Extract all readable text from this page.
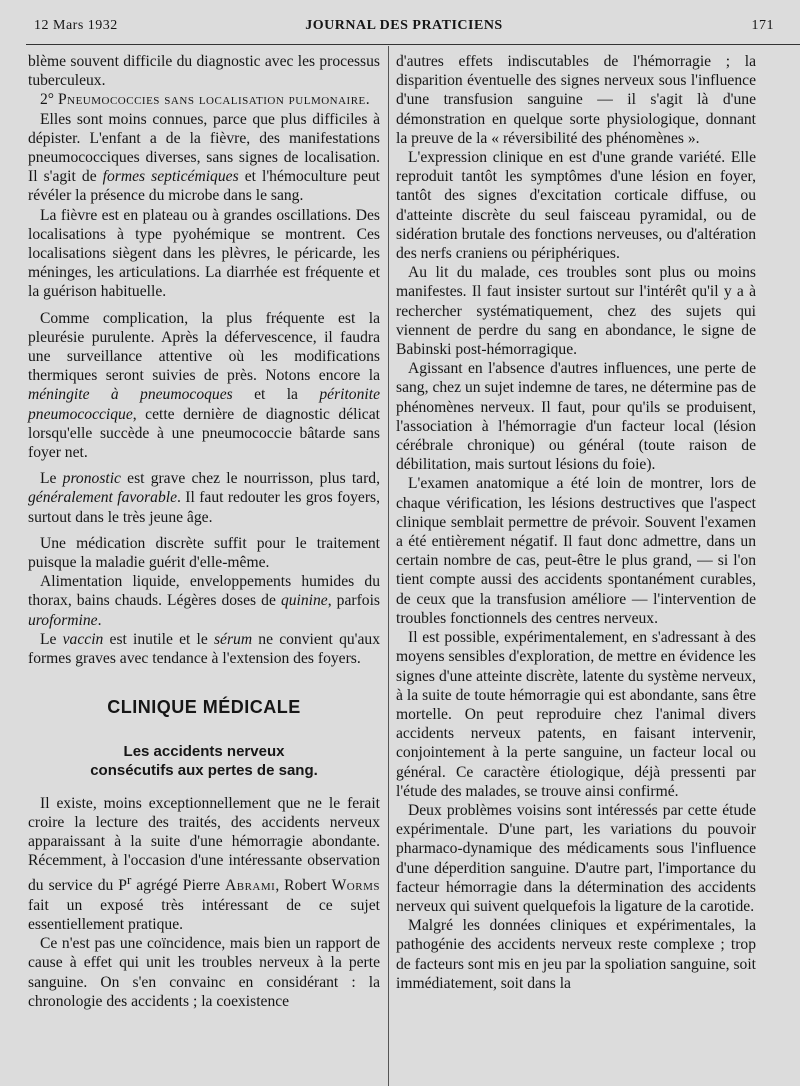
12 Mars 1932	JOURNAL DES PRATICIENS	171

blème souvent difficile du diagnostic avec les processus tuberculeux.

2° Pneumococcies sans localisation pulmonaire.

Elles sont moins connues, parce que plus difficiles à dépister. L'enfant a de la fièvre, des manifestations pneumococciques diverses, sans signes de localisation. Il s'agit de formes septicémiques et l'hémoculture peut révéler la présence du microbe dans le sang.

La fièvre est en plateau ou à grandes oscillations. Des localisations à type pyohémique se montrent. Ces localisations siègent dans les plèvres, le péricarde, les méninges, les articulations. La diarrhée est fréquente et la guérison habituelle.

Comme complication, la plus fréquente est la pleurésie purulente. Après la défervescence, il faudra une surveillance attentive où les modifications thermiques seront suivies de près. Notons encore la méningite à pneumocoques et la péritonite pneumococcique, cette dernière de diagnostic délicat lorsqu'elle succède à une pneumococcie bâtarde sans foyer net.

Le pronostic est grave chez le nourrisson, plus tard, généralement favorable. Il faut redouter les gros foyers, surtout dans le très jeune âge.

Une médication discrète suffit pour le traitement puisque la maladie guérit d'elle-même.

Alimentation liquide, enveloppements humides du thorax, bains chauds. Légères doses de quinine, parfois uroformine.

Le vaccin est inutile et le sérum ne convient qu'aux formes graves avec tendance à l'extension des foyers.

CLINIQUE MÉDICALE
Les accidents nerveux
consécutifs aux pertes de sang.

Il existe, moins exceptionnellement que ne le ferait croire la lecture des traités, des accidents nerveux apparaissant à la suite d'une hémorragie abondante. Récemment, à l'occasion d'une intéressante observation du service du $P^r$ agrégé Pierre Abrami, Robert Worms fait un exposé très intéressant de ce sujet essentiellement pratique.

Ce n'est pas une coïncidence, mais bien un rapport de cause à effet qui unit les troubles nerveux à la perte sanguine. On s'en convainc en considérant : la chronologie des accidents ; la coexistence

d'autres effets indiscutables de l'hémorragie ; la disparition éventuelle des signes nerveux sous l'influence d'une transfusion sanguine — il s'agit là d'une démonstration en quelque sorte physiologique, donnant la preuve de la « réversibilité des phénomènes ».

L'expression clinique en est d'une grande variété. Elle reproduit tantôt les symptômes d'une lésion en foyer, tantôt des signes d'excitation corticale diffuse, ou d'atteinte discrète du seul faisceau pyramidal, ou de sidération brutale des fonctions nerveuses, ou d'altération des nerfs craniens ou périphériques.

Au lit du malade, ces troubles sont plus ou moins manifestes. Il faut insister surtout sur l'intérêt qu'il y a à rechercher systématiquement, chez des sujets qui viennent de perdre du sang en abondance, le signe de Babinski post-hémorragique.

Agissant en l'absence d'autres influences, une perte de sang, chez un sujet indemne de tares, ne détermine pas de phénomènes nerveux. Il faut, pour qu'ils se produisent, l'association à l'hémorragie d'un facteur local (lésion cérébrale chronique) ou général (toute raison de débilitation, mais surtout lésions du foie).

L'examen anatomique a été loin de montrer, lors de chaque vérification, les lésions destructives que l'aspect clinique semblait permettre de prévoir. Souvent l'examen a été entièrement négatif. Il faut donc admettre, dans un certain nombre de cas, peut-être le plus grand, — si l'on tient compte aussi des accidents spontanément curables, de ceux que la transfusion améliore — l'intervention de troubles fonctionnels des centres nerveux.

Il est possible, expérimentalement, en s'adressant à des moyens sensibles d'exploration, de mettre en évidence les signes d'une atteinte discrète, latente du système nerveux, à la suite de toute hémorragie qui est abondante, sans être mortelle. On peut reproduire chez l'animal divers accidents nerveux patents, en faisant intervenir, conjointement à la perte sanguine, un facteur local ou général. Ce caractère étiologique, déjà pressenti par l'étude des malades, se trouve ainsi confirmé.

Deux problèmes voisins sont intéressés par cette étude expérimentale. D'une part, les variations du pouvoir pharmaco-dynamique des médicaments sous l'influence d'une déperdition sanguine. D'autre part, l'importance du facteur hémorragie dans la détermination des accidents nerveux qui suivent quelquefois la ligature de la carotide.

Malgré les données cliniques et expérimentales, la pathogénie des accidents nerveux reste complexe ; trop de facteurs sont mis en jeu par la spoliation sanguine, soit immédiatement, soit dans la
